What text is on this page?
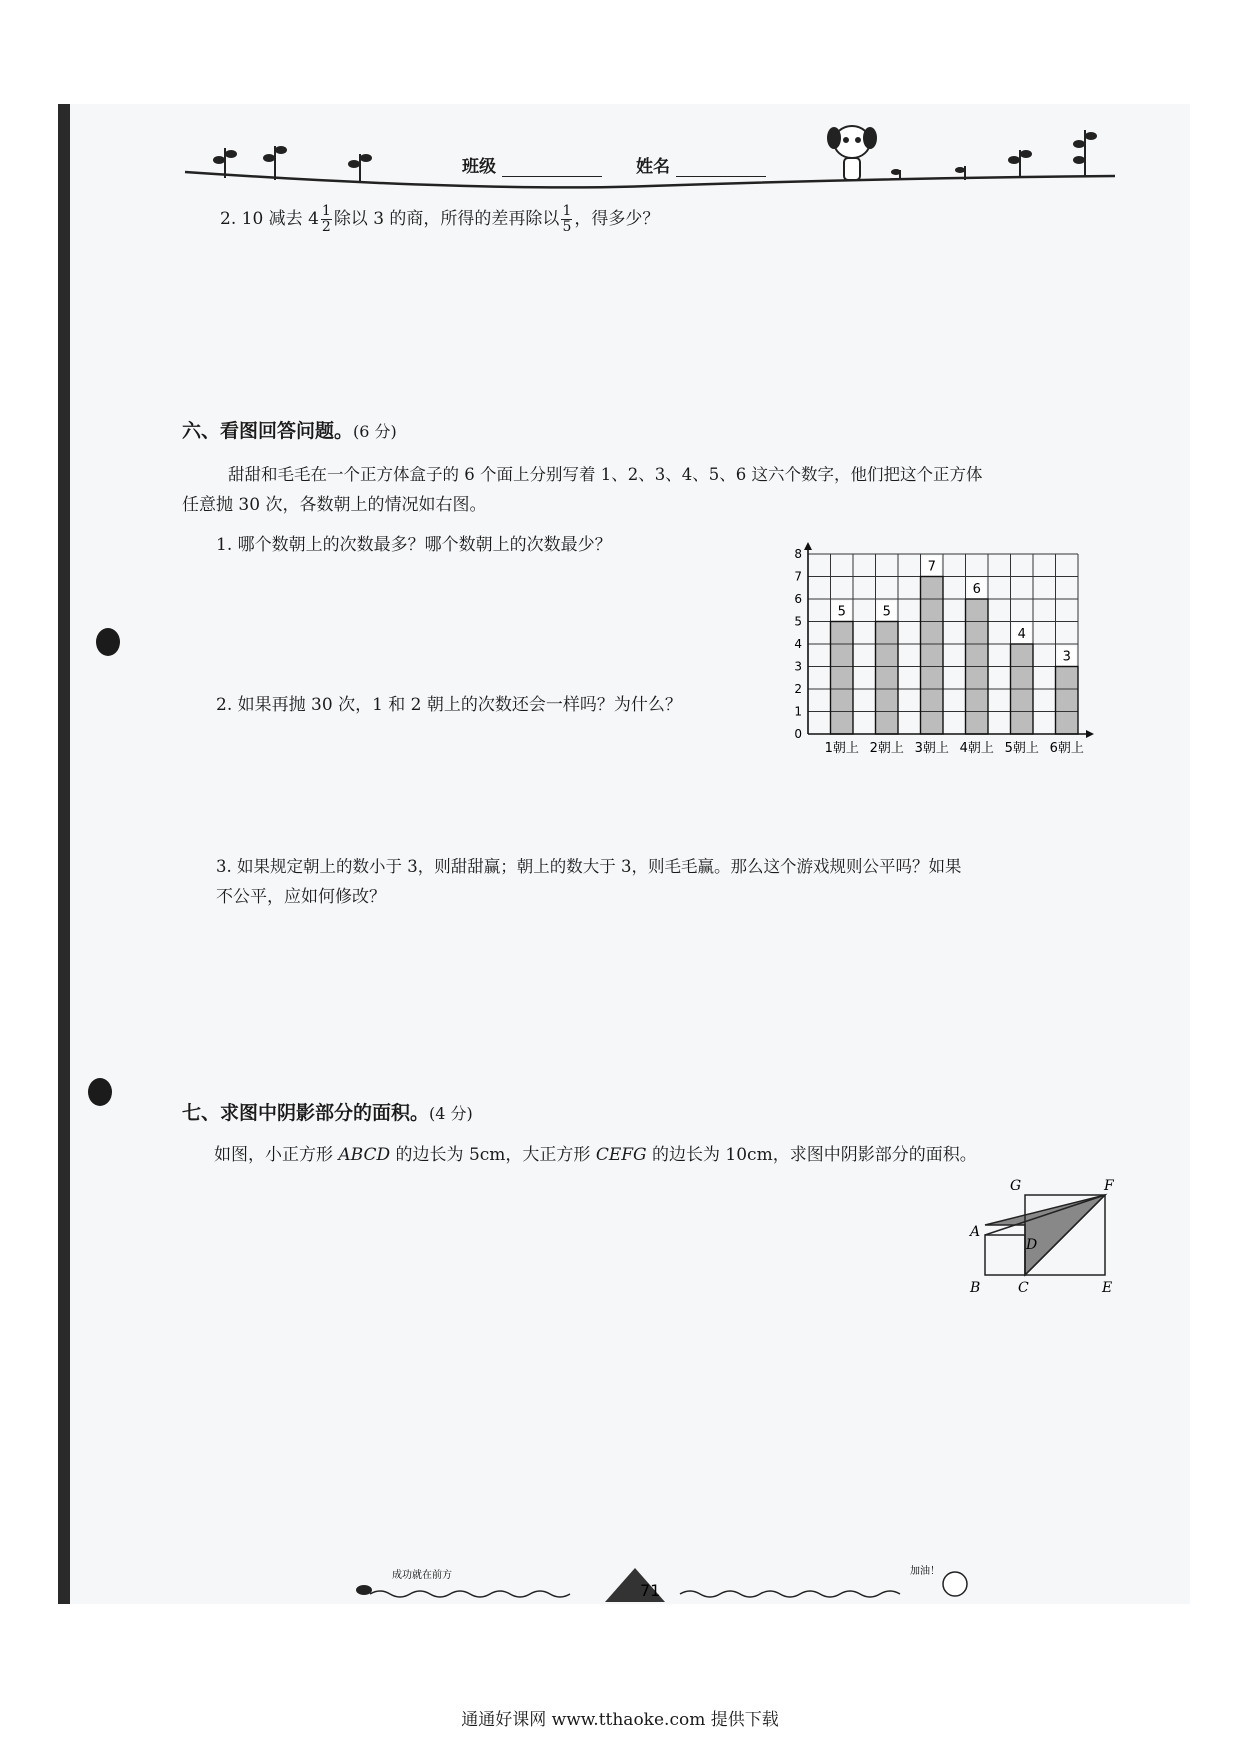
班级	姓名
2. 10 减去 $4 \frac{1}{2}$ 除以 3 的商，所得的差再除以 $\frac{1}{5}$ ，得多少？
六、看图回答问题。(6 分)
甜甜和毛毛在一个正方体盒子的 6 个面上分别写着 1、2、3、4、5、6 这六个数字，他们把这个正方体
任意抛 30 次，各数朝上的情况如右图。
1. 哪个数朝上的次数最多？哪个数朝上的次数最少？
2. 如果再抛 30 次，1 和 2 朝上的次数还会一样吗？为什么？
3. 如果规定朝上的数小于 3，则甜甜赢；朝上的数大于 3，则毛毛赢。那么这个游戏规则公平吗？如果
不公平，应如何修改？
5	5
7
6
4
3
0
1
2
3
4
5
6
7
8
1朝上 2朝上 3朝上 4朝上 5朝上 6朝上
七、求图中阴影部分的面积。(4 分)
如图，小正方形 ABCD 的边长为 5cm，大正方形 CEFG 的边长为 10cm，求图中阴影部分的面积。
G	F
A
D
B	C	E
成功就在前方
71
加油！
通通好课网 www.tthaoke.com 提供下载
